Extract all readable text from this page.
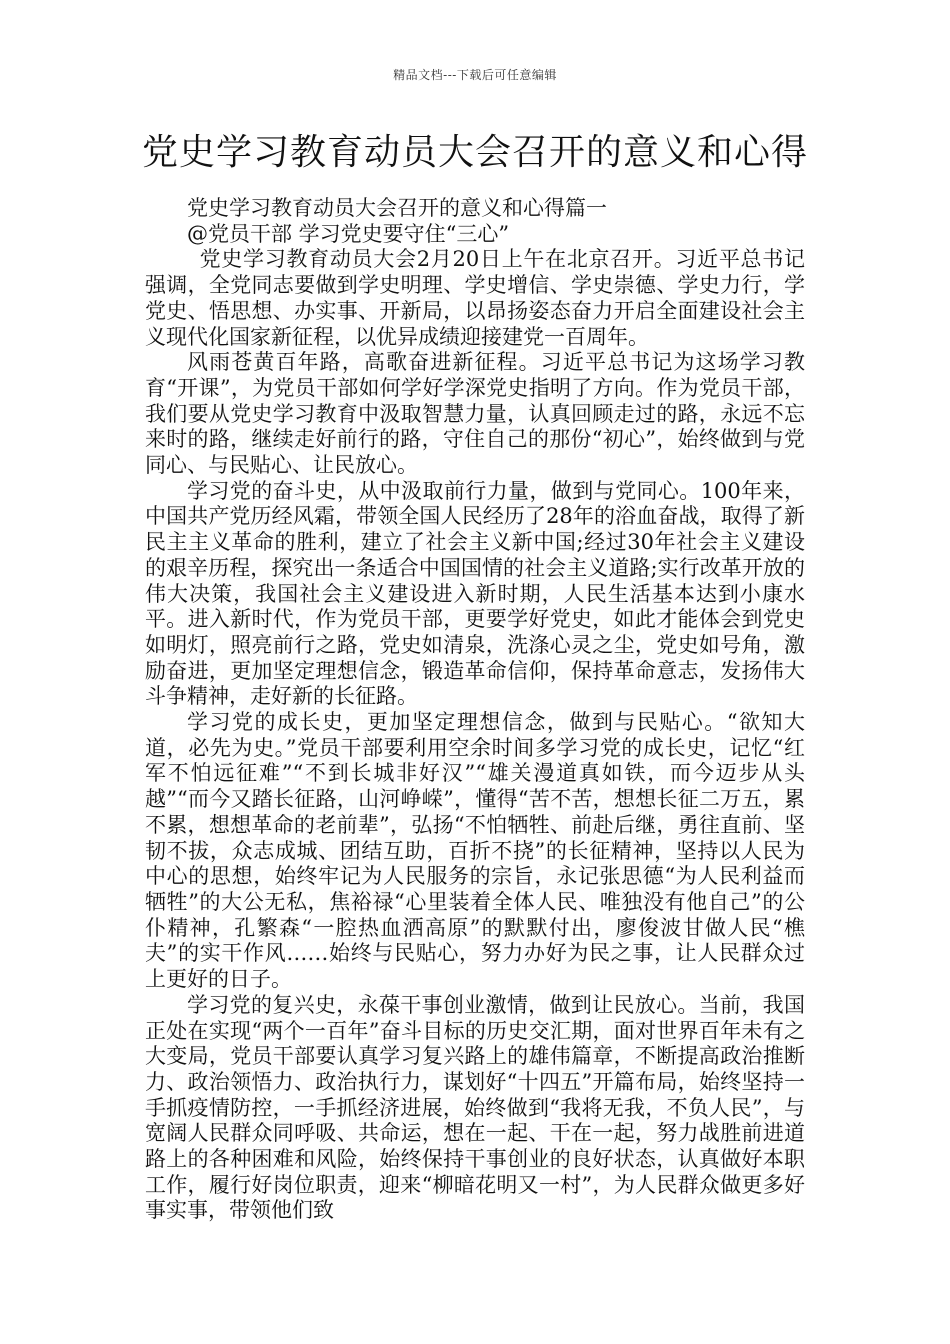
精品文档---下载后可任意编辑
党史学习教育动员大会召开的意义和心得

党史学习教育动员大会召开的意义和心得篇一

@党员干部 学习党史要守住“三心”

党史学习教育动员大会2月20日上午在北京召开。习近平总书记强调，全党同志要做到学史明理、学史增信、学史崇德、学史力行，学党史、悟思想、办实事、开新局，以昂扬姿态奋力开启全面建设社会主义现代化国家新征程，以优异成绩迎接建党一百周年。

风雨苍黄百年路，高歌奋进新征程。习近平总书记为这场学习教育“开课”，为党员干部如何学好学深党史指明了方向。作为党员干部，我们要从党史学习教育中汲取智慧力量，认真回顾走过的路，永远不忘来时的路，继续走好前行的路，守住自己的那份“初心”，始终做到与党同心、与民贴心、让民放心。

学习党的奋斗史，从中汲取前行力量，做到与党同心。100年来，中国共产党历经风霜，带领全国人民经历了28年的浴血奋战，取得了新民主主义革命的胜利，建立了社会主义新中国;经过30年社会主义建设的艰辛历程，探究出一条适合中国国情的社会主义道路;实行改革开放的伟大决策，我国社会主义建设进入新时期，人民生活基本达到小康水平。进入新时代，作为党员干部，更要学好党史，如此才能体会到党史如明灯，照亮前行之路，党史如清泉，洗涤心灵之尘，党史如号角，激励奋进，更加坚定理想信念，锻造革命信仰，保持革命意志，发扬伟大斗争精神，走好新的长征路。

学习党的成长史，更加坚定理想信念，做到与民贴心。“欲知大道，必先为史。”党员干部要利用空余时间多学习党的成长史，记忆“红军不怕远征难”“不到长城非好汉”“雄关漫道真如铁，而今迈步从头越”“而今又踏长征路，山河峥嵘”，懂得“苦不苦，想想长征二万五，累不累，想想革命的老前辈”，弘扬“不怕牺牲、前赴后继，勇往直前、坚韧不拔，众志成城、团结互助，百折不挠”的长征精神，坚持以人民为中心的思想，始终牢记为人民服务的宗旨，永记张思德“为人民利益而牺牲”的大公无私，焦裕禄“心里装着全体人民、唯独没有他自己”的公仆精神，孔繁森“一腔热血洒高原”的默默付出，廖俊波甘做人民“樵夫”的实干作风……始终与民贴心，努力办好为民之事，让人民群众过上更好的日子。

学习党的复兴史，永葆干事创业激情，做到让民放心。当前，我国正处在实现“两个一百年”奋斗目标的历史交汇期，面对世界百年未有之大变局，党员干部要认真学习复兴路上的雄伟篇章，不断提高政治推断力、政治领悟力、政治执行力，谋划好“十四五”开篇布局，始终坚持一手抓疫情防控，一手抓经济进展，始终做到“我将无我，不负人民”，与宽阔人民群众同呼吸、共命运，想在一起、干在一起，努力战胜前进道路上的各种困难和风险，始终保持干事创业的良好状态，认真做好本职工作，履行好岗位职责，迎来“柳暗花明又一村”，为人民群众做更多好事实事，带领他们致
